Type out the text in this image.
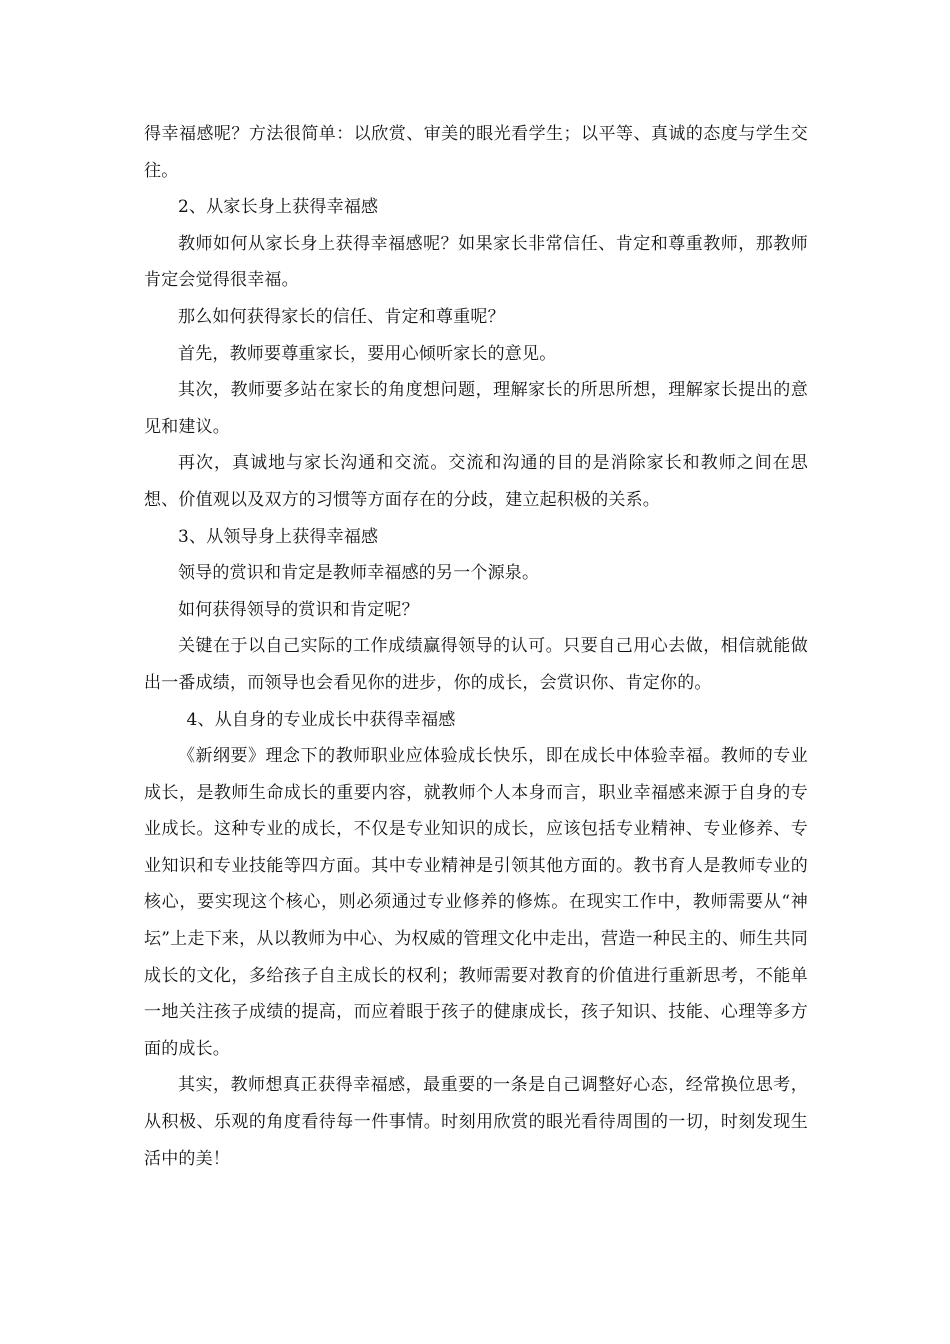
得幸福感呢？方法很简单：以欣赏、审美的眼光看学生；以平等、真诚的态度与学生交往。

2、从家长身上获得幸福感

教师如何从家长身上获得幸福感呢？如果家长非常信任、肯定和尊重教师，那教师肯定会觉得很幸福。

那么如何获得家长的信任、肯定和尊重呢？

首先，教师要尊重家长，要用心倾听家长的意见。

其次，教师要多站在家长的角度想问题，理解家长的所思所想，理解家长提出的意见和建议。

再次，真诚地与家长沟通和交流。交流和沟通的目的是消除家长和教师之间在思想、价值观以及双方的习惯等方面存在的分歧，建立起积极的关系。

3、从领导身上获得幸福感

领导的赏识和肯定是教师幸福感的另一个源泉。

如何获得领导的赏识和肯定呢？

关键在于以自己实际的工作成绩赢得领导的认可。只要自己用心去做，相信就能做出一番成绩，而领导也会看见你的进步，你的成长，会赏识你、肯定你的。

4、从自身的专业成长中获得幸福感

《新纲要》理念下的教师职业应体验成长快乐，即在成长中体验幸福。教师的专业成长，是教师生命成长的重要内容，就教师个人本身而言，职业幸福感来源于自身的专业成长。这种专业的成长，不仅是专业知识的成长，应该包括专业精神、专业修养、专业知识和专业技能等四方面。其中专业精神是引领其他方面的。教书育人是教师专业的核心，要实现这个核心，则必须通过专业修养的修炼。在现实工作中，教师需要从“神坛”上走下来，从以教师为中心、为权威的管理文化中走出，营造一种民主的、师生共同成长的文化，多给孩子自主成长的权利；教师需要对教育的价值进行重新思考，不能单一地关注孩子成绩的提高，而应着眼于孩子的健康成长，孩子知识、技能、心理等多方面的成长。

其实，教师想真正获得幸福感，最重要的一条是自己调整好心态，经常换位思考，从积极、乐观的角度看待每一件事情。时刻用欣赏的眼光看待周围的一切，时刻发现生活中的美！
